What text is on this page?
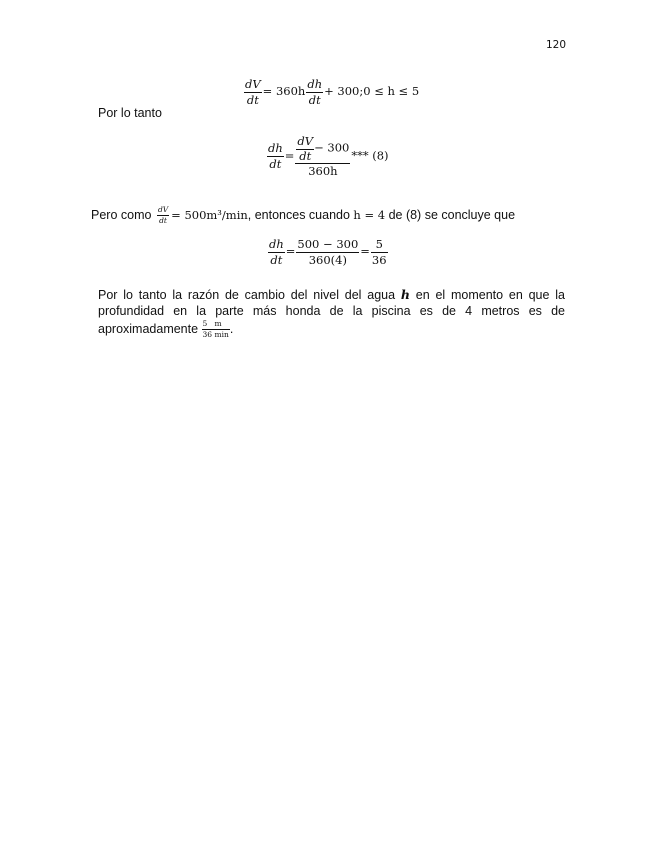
120
$\frac{dV}{dt} = 360h \frac{dh}{dt}$ + 300;0 ≤ h ≤ 5
Por lo tanto
$\frac{dh}{dt} = \frac{\frac{dV}{dt} - 300}{360h}$ *** (8)
Pero como $\frac{dV}{dt} = 500m^3/\min$, entonces cuando h = 4 de (8) se concluye que
$\frac{dh}{dt} = \frac{500 - 300}{360(4)} = \frac{5}{36}$
Por lo tanto la razón de cambio del nivel del agua h en el momento en que la
profundidad en la parte más honda de la piscina es de 4 metros es de
aproximadamente $\frac{5 m}{36 \min}$ .
